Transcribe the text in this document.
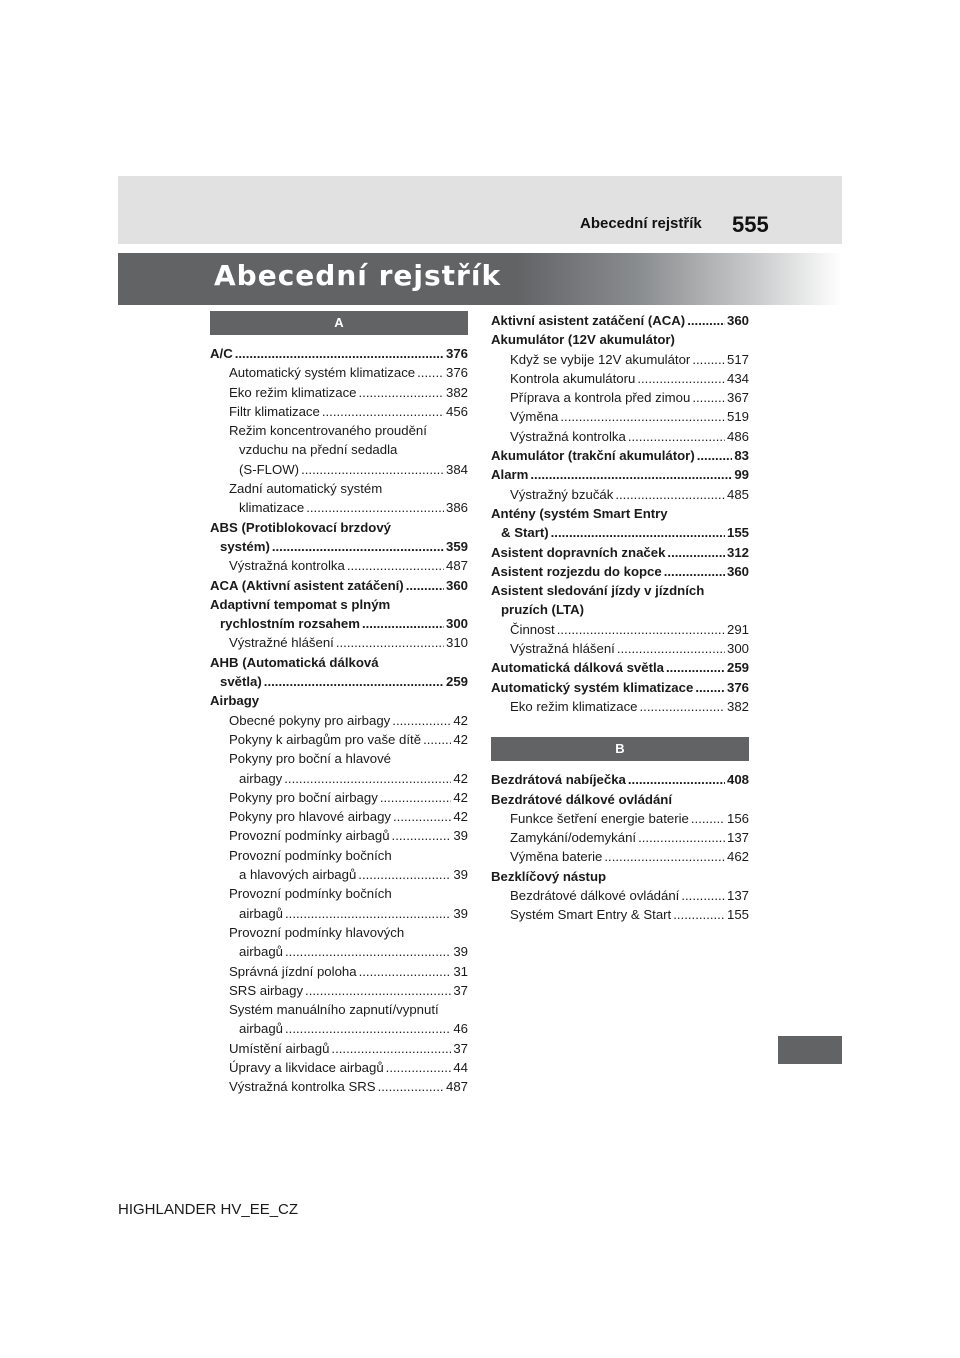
Abecední rejstřík 555
Abecední rejstřík
A
A/C .....	376
Automatický systém klimatizace ..... 376
Eko režim klimatizace .....	382
Filtr klimatizace .....	456
Režim koncentrovaného proudění
vzduchu na přední sedadla
(S-FLOW) .....	384
Zadní automatický systém
klimatizace .....	386
ABS (Protiblokovací brzdový
systém) .....	359
Výstražná kontrolka .....	487
ACA (Aktivní asistent zatáčení) .....	360
Adaptivní tempomat s plným
rychlostním rozsahem .....	300
Výstražné hlášení .....	310
AHB (Automatická dálková
světla) .....	259
Airbagy
Obecné pokyny pro airbagy .....	42
Pokyny k airbagům pro vaše dítě ..... 42
Pokyny pro boční a hlavové
airbagy .....	42
Pokyny pro boční airbagy .....	42
Pokyny pro hlavové airbagy .....	42
Provozní podmínky airbagů .....	39
Provozní podmínky bočních
a hlavových airbagů .....	39
Provozní podmínky bočních
airbagů .....	39
Provozní podmínky hlavových
airbagů .....	39
Správná jízdní poloha .....	31
SRS airbagy .....	37
Systém manuálního zapnutí/vypnutí
airbagů .....	46
Umístění airbagů .....	37
Úpravy a likvidace airbagů .....	44
Výstražná kontrolka SRS .....	487
Aktivní asistent zatáčení (ACA) .....	360
Akumulátor (12V akumulátor)
Když se vybije 12V akumulátor .....	517
Kontrola akumulátoru .....	434
Příprava a kontrola před zimou .....	367
Výměna .....	519
Výstražná kontrolka .....	486
Akumulátor (trakční akumulátor) .....	83
Alarm .....	99
Výstražný bzučák .....	485
Antény (systém Smart Entry
& Start) .....	155
Asistent dopravních značek .....	312
Asistent rozjezdu do kopce .....	360
Asistent sledování jízdy v jízdních
pruzích (LTA)
Činnost .....	291
Výstražná hlášení .....	300
Automatická dálková světla .....	259
Automatický systém klimatizace .....	376
Eko režim klimatizace .....	382
B
Bezdrátová nabíječka .....	408
Bezdrátové dálkové ovládání
Funkce šetření energie baterie .....	156
Zamykání/odemykání .....	137
Výměna baterie .....	462
Bezklíčový nástup
Bezdrátové dálkové ovládání .....	137
Systém Smart Entry & Start .....	155
HIGHLANDER HV_EE_CZ
